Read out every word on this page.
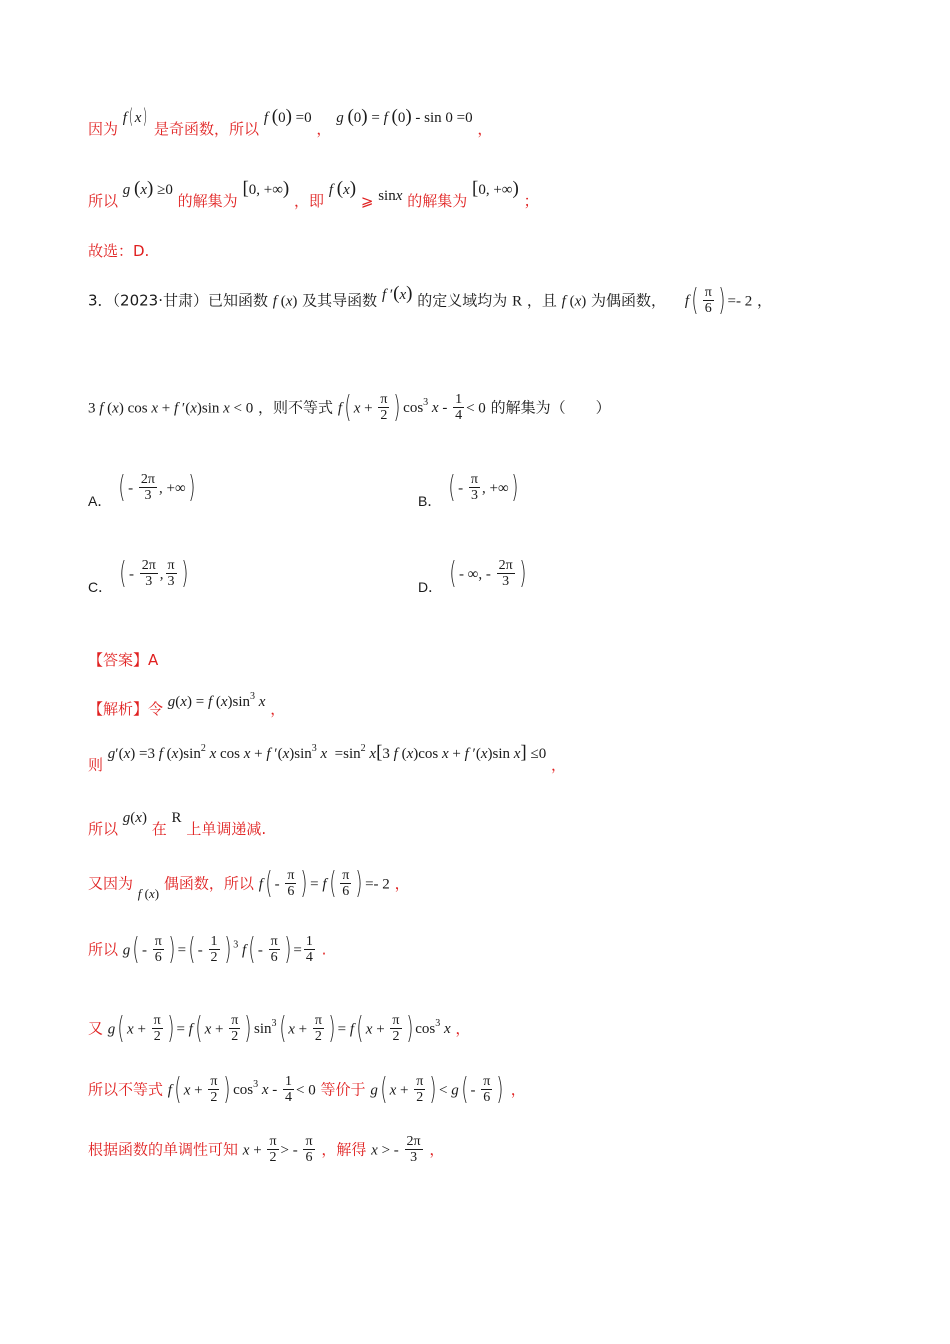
因为 f( x) 是奇函数，所以 f (0) =0 ， g (0) = f (0) - sin 0 =0 ，
所以 g (x) ≥0 的解集为 [0, +∞) ，即 f (x) ⩾ sinx 的解集为 [0, +∞) ；
故选：D.
3．（2023·甘肃）已知函数 f (x) 及其导函数 f ′(x) 的定义域均为 R ，且 f (x) 为偶函数， $f( \frac{\pi}{6}$ ) =- 2 ，
3 f (x) cos x + f ′(x)sin x < 0 ，则不等式 f( $x + \frac{\pi}{2}$ ) $\cos^3 x - \frac{1}{4} < 0$ 的解集为（　　）
A． ( - $\frac{2\pi}{3}$ , +∞)	B． ( - $\frac{\pi}{3}$ , +∞)
C． ( - $\frac{2\pi}{3}$ , $\frac{\pi}{3}$ )	D． ( - ∞, - $\frac{2\pi}{3}$ )
【答案】A
【解析】令 g(x) = f $(x)\sin^3$ x ，
则 g′(x) =3 f $(x)\sin^2$ x cos x + f $'(x)\sin^3$ $x =\sin^2$ x[3 f (x)cos x + f ′(x)sin x] ≤0 ，
所以 g(x) 在 R 上单调递减.
又因为 f (x) 偶函数，所以 $f( - \frac{\pi}{6}$ ) = $f( \frac{\pi}{6}$ ) =- 2 ，
所以 $g( - \frac{\pi}{6}$ ) =( - $\frac{1}{2}$ ) $^3$ $f( - \frac{\pi}{6}$ ) = $\frac{1}{4}$ .
又 g( $x + \frac{\pi}{2}$ ) = f( $x + \frac{\pi}{2}$ ) $\sin^3$( $x + \frac{\pi}{2}$ ) = f( $x + \frac{\pi}{2}$ ) $\cos^3 x$ ，
所以不等式 f( $x + \frac{\pi}{2}$ ) $\cos^3 x - \frac{1}{4} < 0$ 等价于 g( $x + \frac{\pi}{2}$ ) < $g( - \frac{\pi}{6}$ ) ，
根据函数的单调性可知 $x + \frac{\pi}{2}$ > - $\frac{\pi}{6}$ ，解得 x > - $\frac{2\pi}{3}$ ，
